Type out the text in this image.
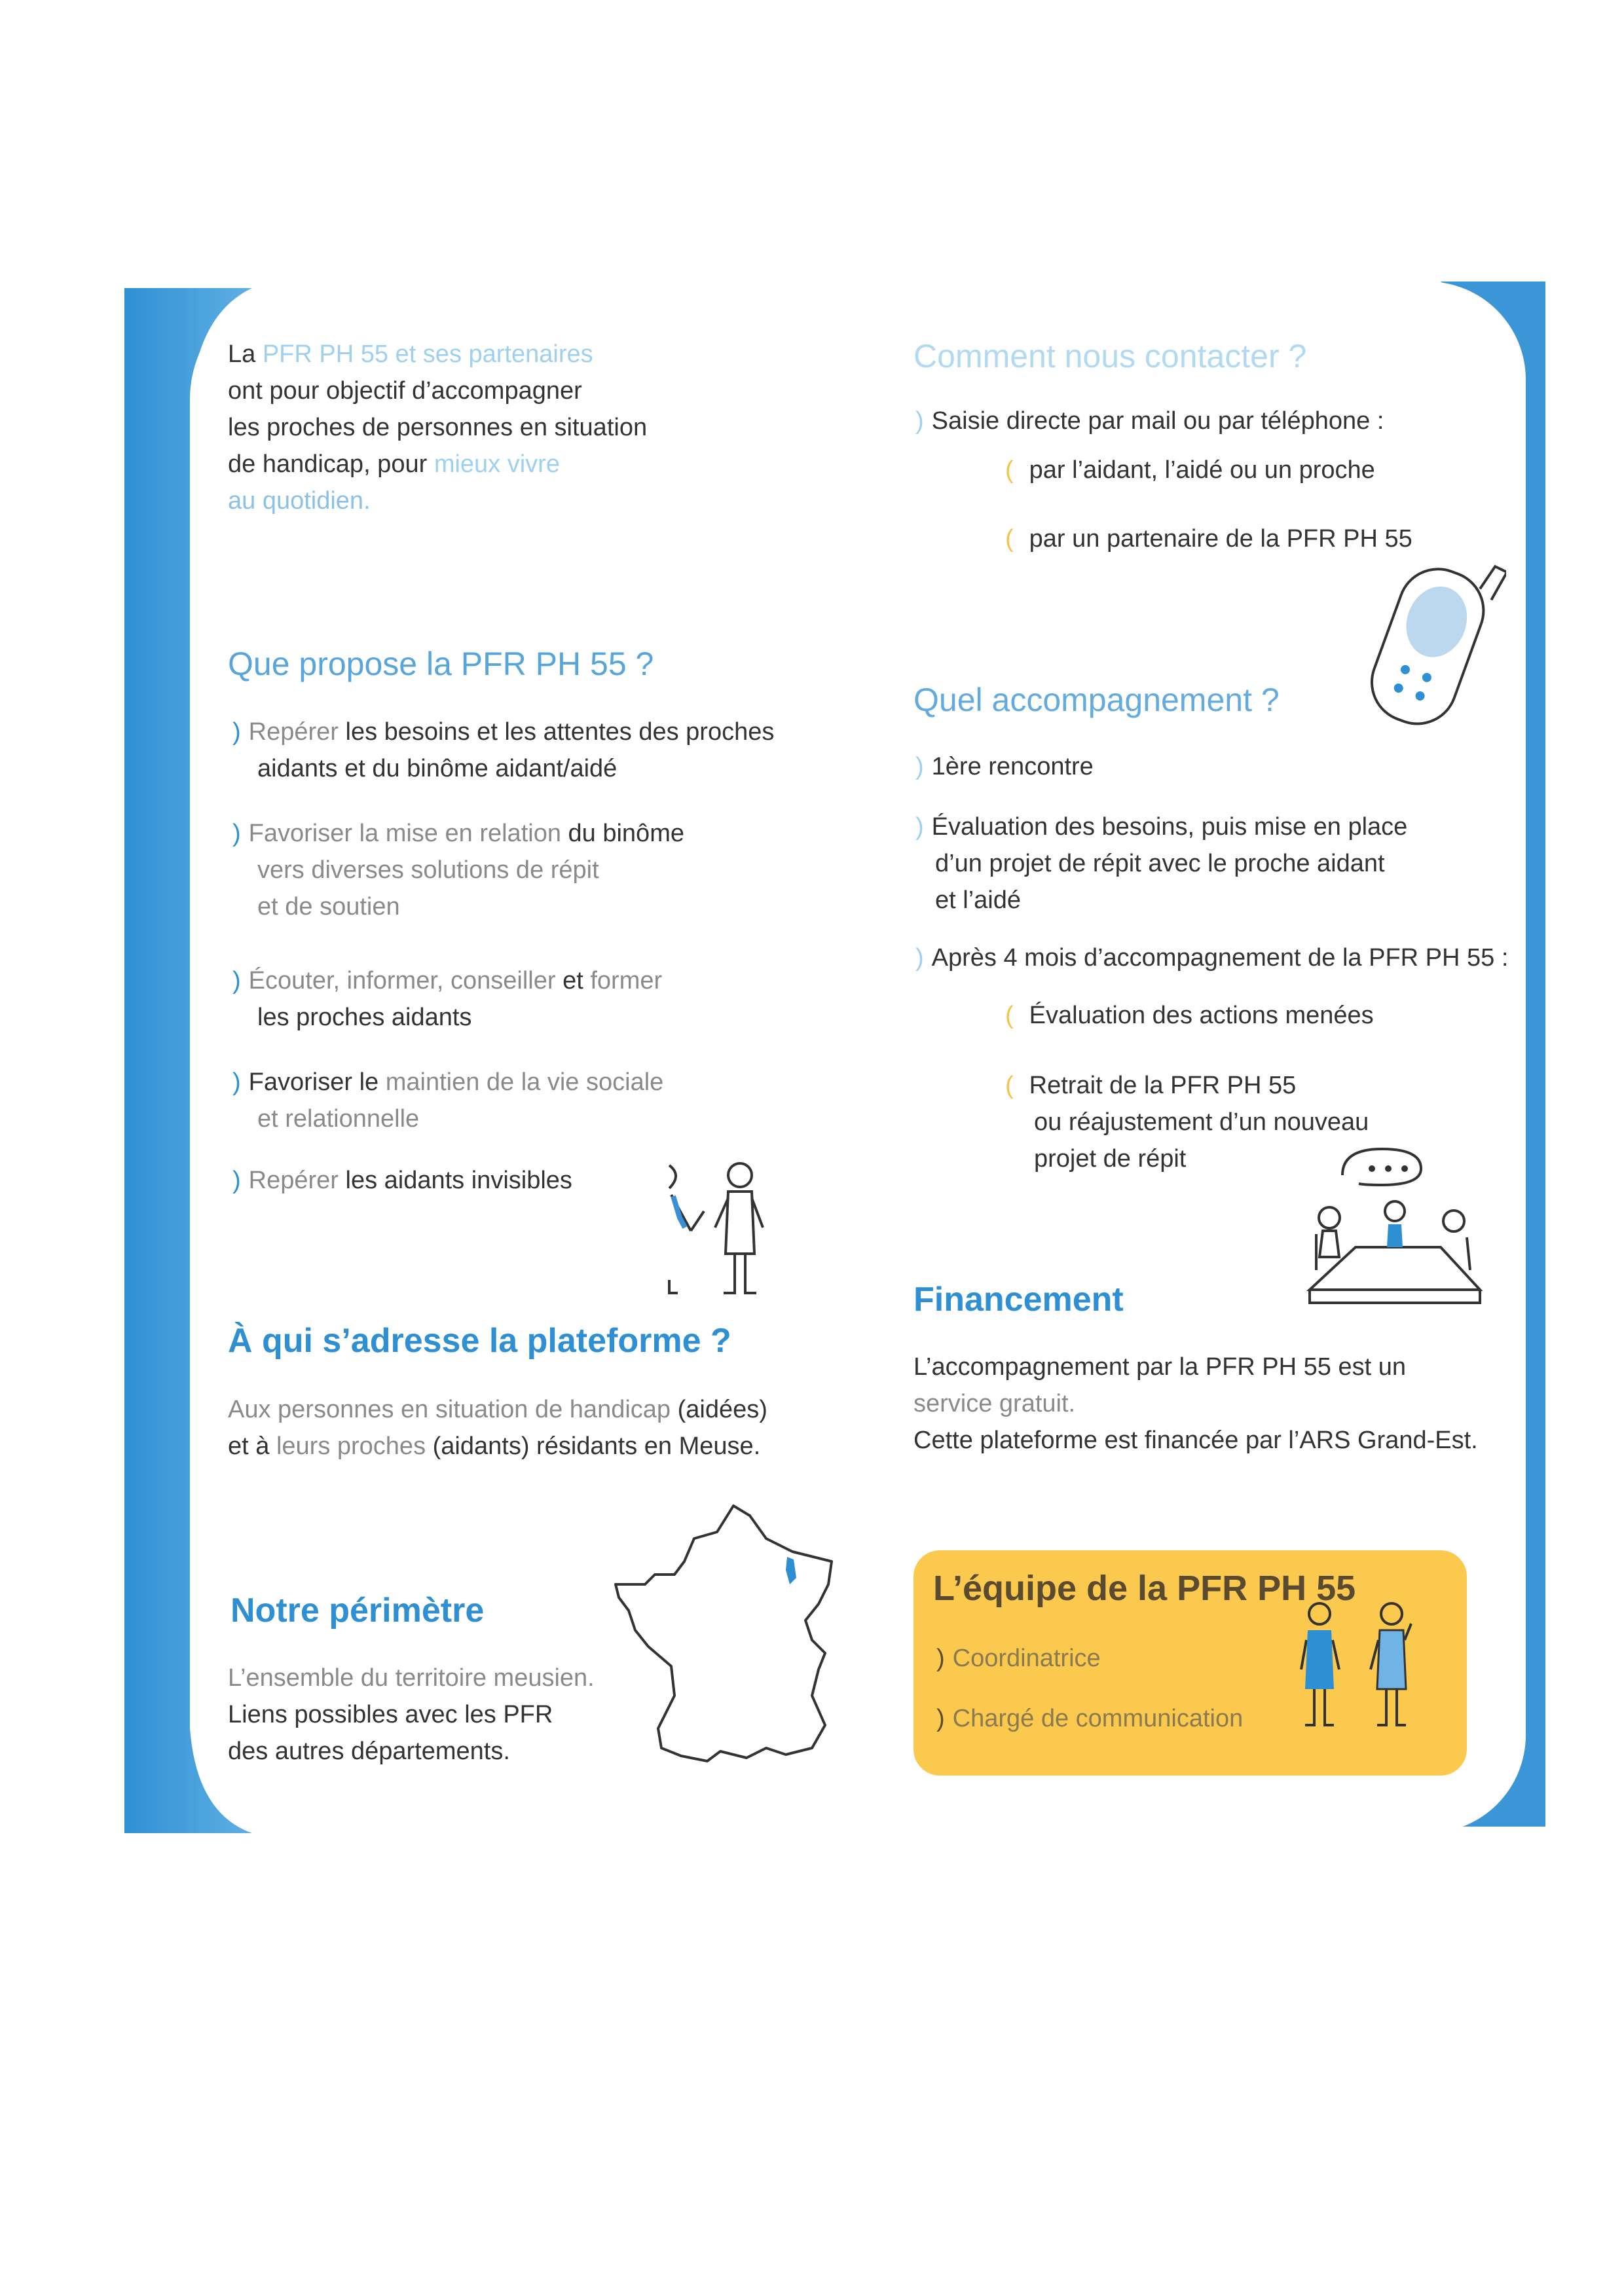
La PFR PH 55 et ses partenaires
ont pour objectif d’accompagner
les proches de personnes en situation
de handicap, pour mieux vivre
au quotidien.
Que propose la PFR PH 55 ?
) Repérer les besoins et les attentes des proches
aidants et du binôme aidant/aidé
) Favoriser la mise en relation du binôme
vers diverses solutions de répit
et de soutien
) Écouter, informer, conseiller et former
les proches aidants
) Favoriser le maintien de la vie sociale
et relationnelle
) Repérer les aidants invisibles
À qui s’adresse la plateforme ?
Aux personnes en situation de handicap (aidées)
et à leurs proches (aidants) résidants en Meuse.
Notre périmètre
L’ensemble du territoire meusien.
Liens possibles avec les PFR
des autres départements.
Comment nous contacter ?
) Saisie directe par mail ou par téléphone :
( par l’aidant, l’aidé ou un proche
( par un partenaire de la PFR PH 55
Quel accompagnement ?
) 1ère rencontre
) Évaluation des besoins, puis mise en place
d’un projet de répit avec le proche aidant
et l’aidé
) Après 4 mois d’accompagnement de la PFR PH 55 :
( Évaluation des actions menées
( Retrait de la PFR PH 55
ou réajustement d’un nouveau
projet de répit
Financement
L’accompagnement par la PFR PH 55 est un
service gratuit.
Cette plateforme est financée par l’ARS Grand-Est.
L’équipe de la PFR PH 55
) Coordinatrice
) Chargé de communication
